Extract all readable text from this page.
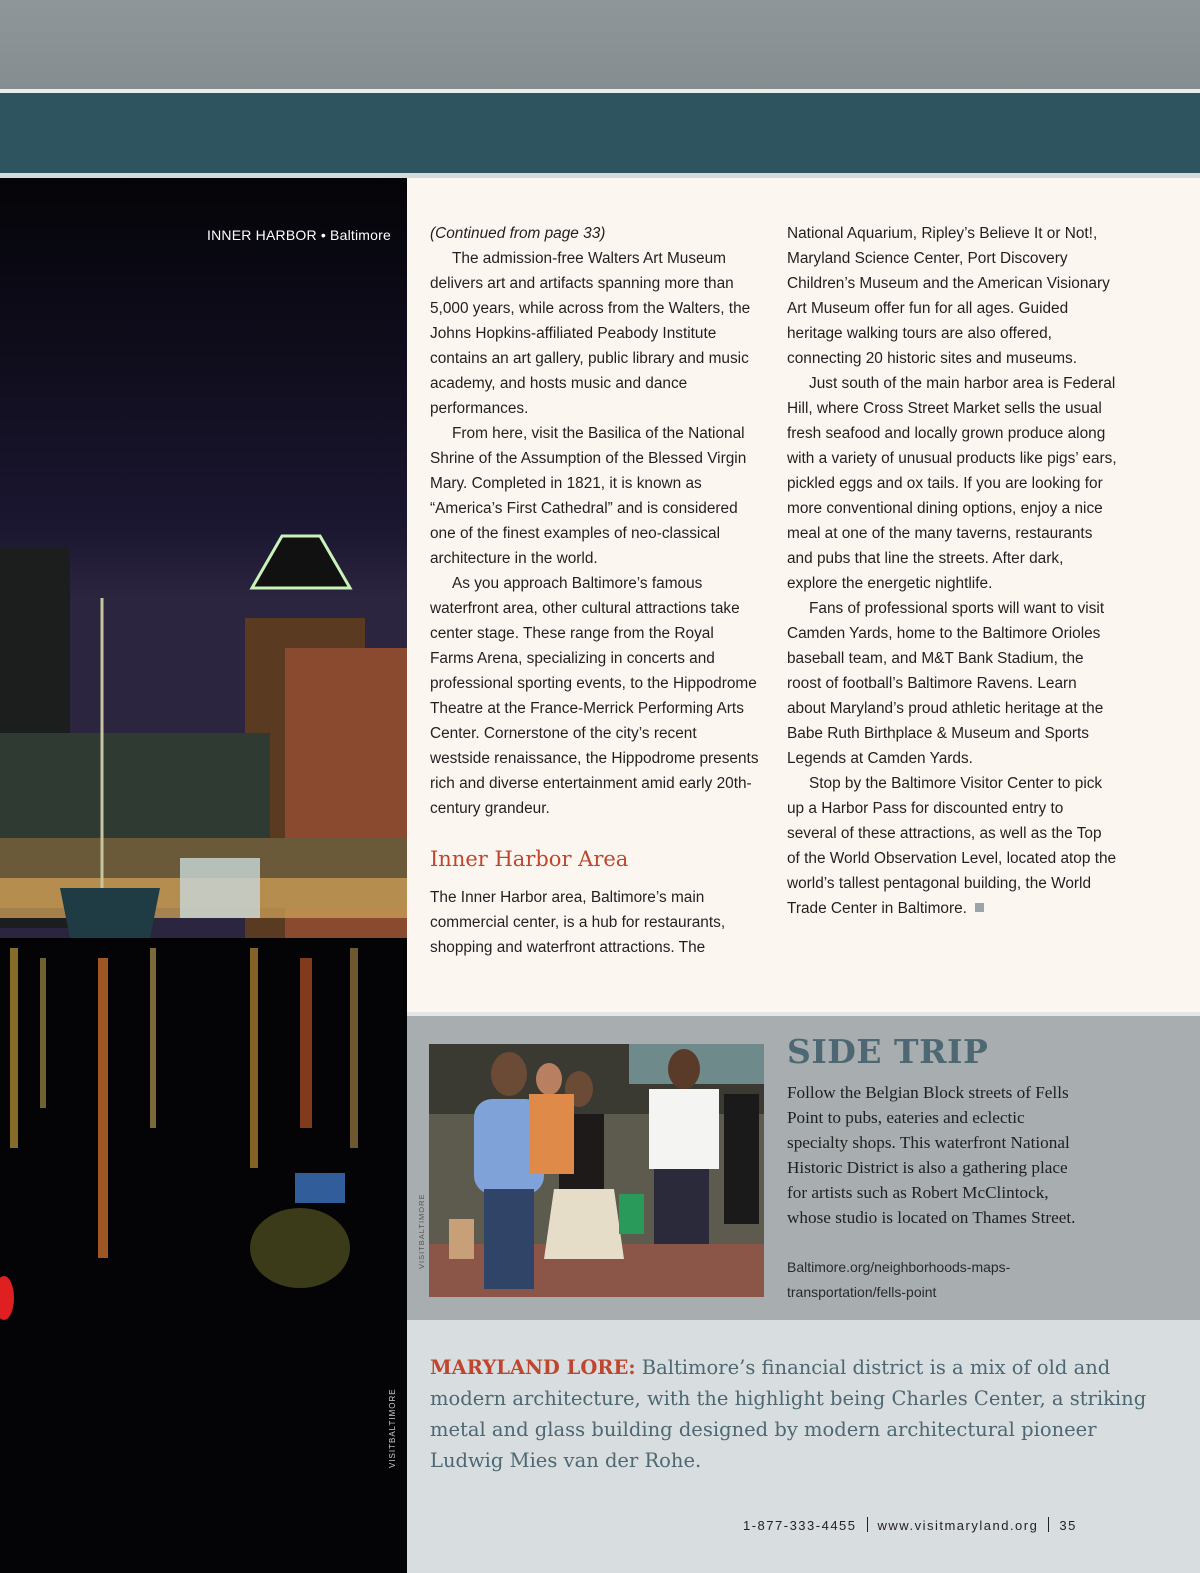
INNER HARBOR • Baltimore
VISITBALTIMORE

(Continued from page 33)

The admission-free Walters Art Museum delivers art and artifacts spanning more than 5,000 years, while across from the Walters, the Johns Hopkins-affiliated Peabody Institute contains an art gallery, public library and music academy, and hosts music and dance performances.

From here, visit the Basilica of the National Shrine of the Assumption of the Blessed Virgin Mary. Completed in 1821, it is known as “America’s First Cathedral” and is considered one of the finest examples of neo-classical architecture in the world.

As you approach Baltimore’s famous waterfront area, other cultural attractions take center stage. These range from the Royal Farms Arena, specializing in concerts and professional sporting events, to the Hippodrome Theatre at the France-Merrick Performing Arts Center. Cornerstone of the city’s recent westside renaissance, the Hippodrome presents rich and diverse entertainment amid early 20th-century grandeur.

Inner Harbor Area

The Inner Harbor area, Baltimore’s main commercial center, is a hub for restaurants, shopping and waterfront attractions. The

National Aquarium, Ripley’s Believe It or Not!, Maryland Science Center, Port Discovery Children’s Museum and the American Visionary Art Museum offer fun for all ages. Guided heritage walking tours are also offered, connecting 20 historic sites and museums.

Just south of the main harbor area is Federal Hill, where Cross Street Market sells the usual fresh seafood and locally grown produce along with a variety of unusual products like pigs’ ears, pickled eggs and ox tails. If you are looking for more conventional dining options, enjoy a nice meal at one of the many taverns, restaurants and pubs that line the streets. After dark, explore the energetic nightlife.

Fans of professional sports will want to visit Camden Yards, home to the Baltimore Orioles baseball team, and M&T Bank Stadium, the roost of football’s Baltimore Ravens. Learn about Maryland’s proud athletic heritage at the Babe Ruth Birthplace & Museum and Sports Legends at Camden Yards.

Stop by the Baltimore Visitor Center to pick up a Harbor Pass for discounted entry to several of these attractions, as well as the Top of the World Observation Level, located atop the world’s tallest pentagonal building, the World Trade Center in Baltimore.

VISITBALTIMORE
SIDE TRIP
Follow the Belgian Block streets of Fells Point to pubs, eateries and eclectic specialty shops. This waterfront National Historic District is also a gathering place for artists such as Robert McClintock, whose studio is located on Thames Street.
Baltimore.org/neighborhoods-maps-transportation/fells-point
MARYLAND LORE: Baltimore’s financial district is a mix of old and modern architecture, with the highlight being Charles Center, a striking metal and glass building designed by modern architectural pioneer Ludwig Mies van der Rohe.
1-877-333-4455 www.visitmaryland.org 35
